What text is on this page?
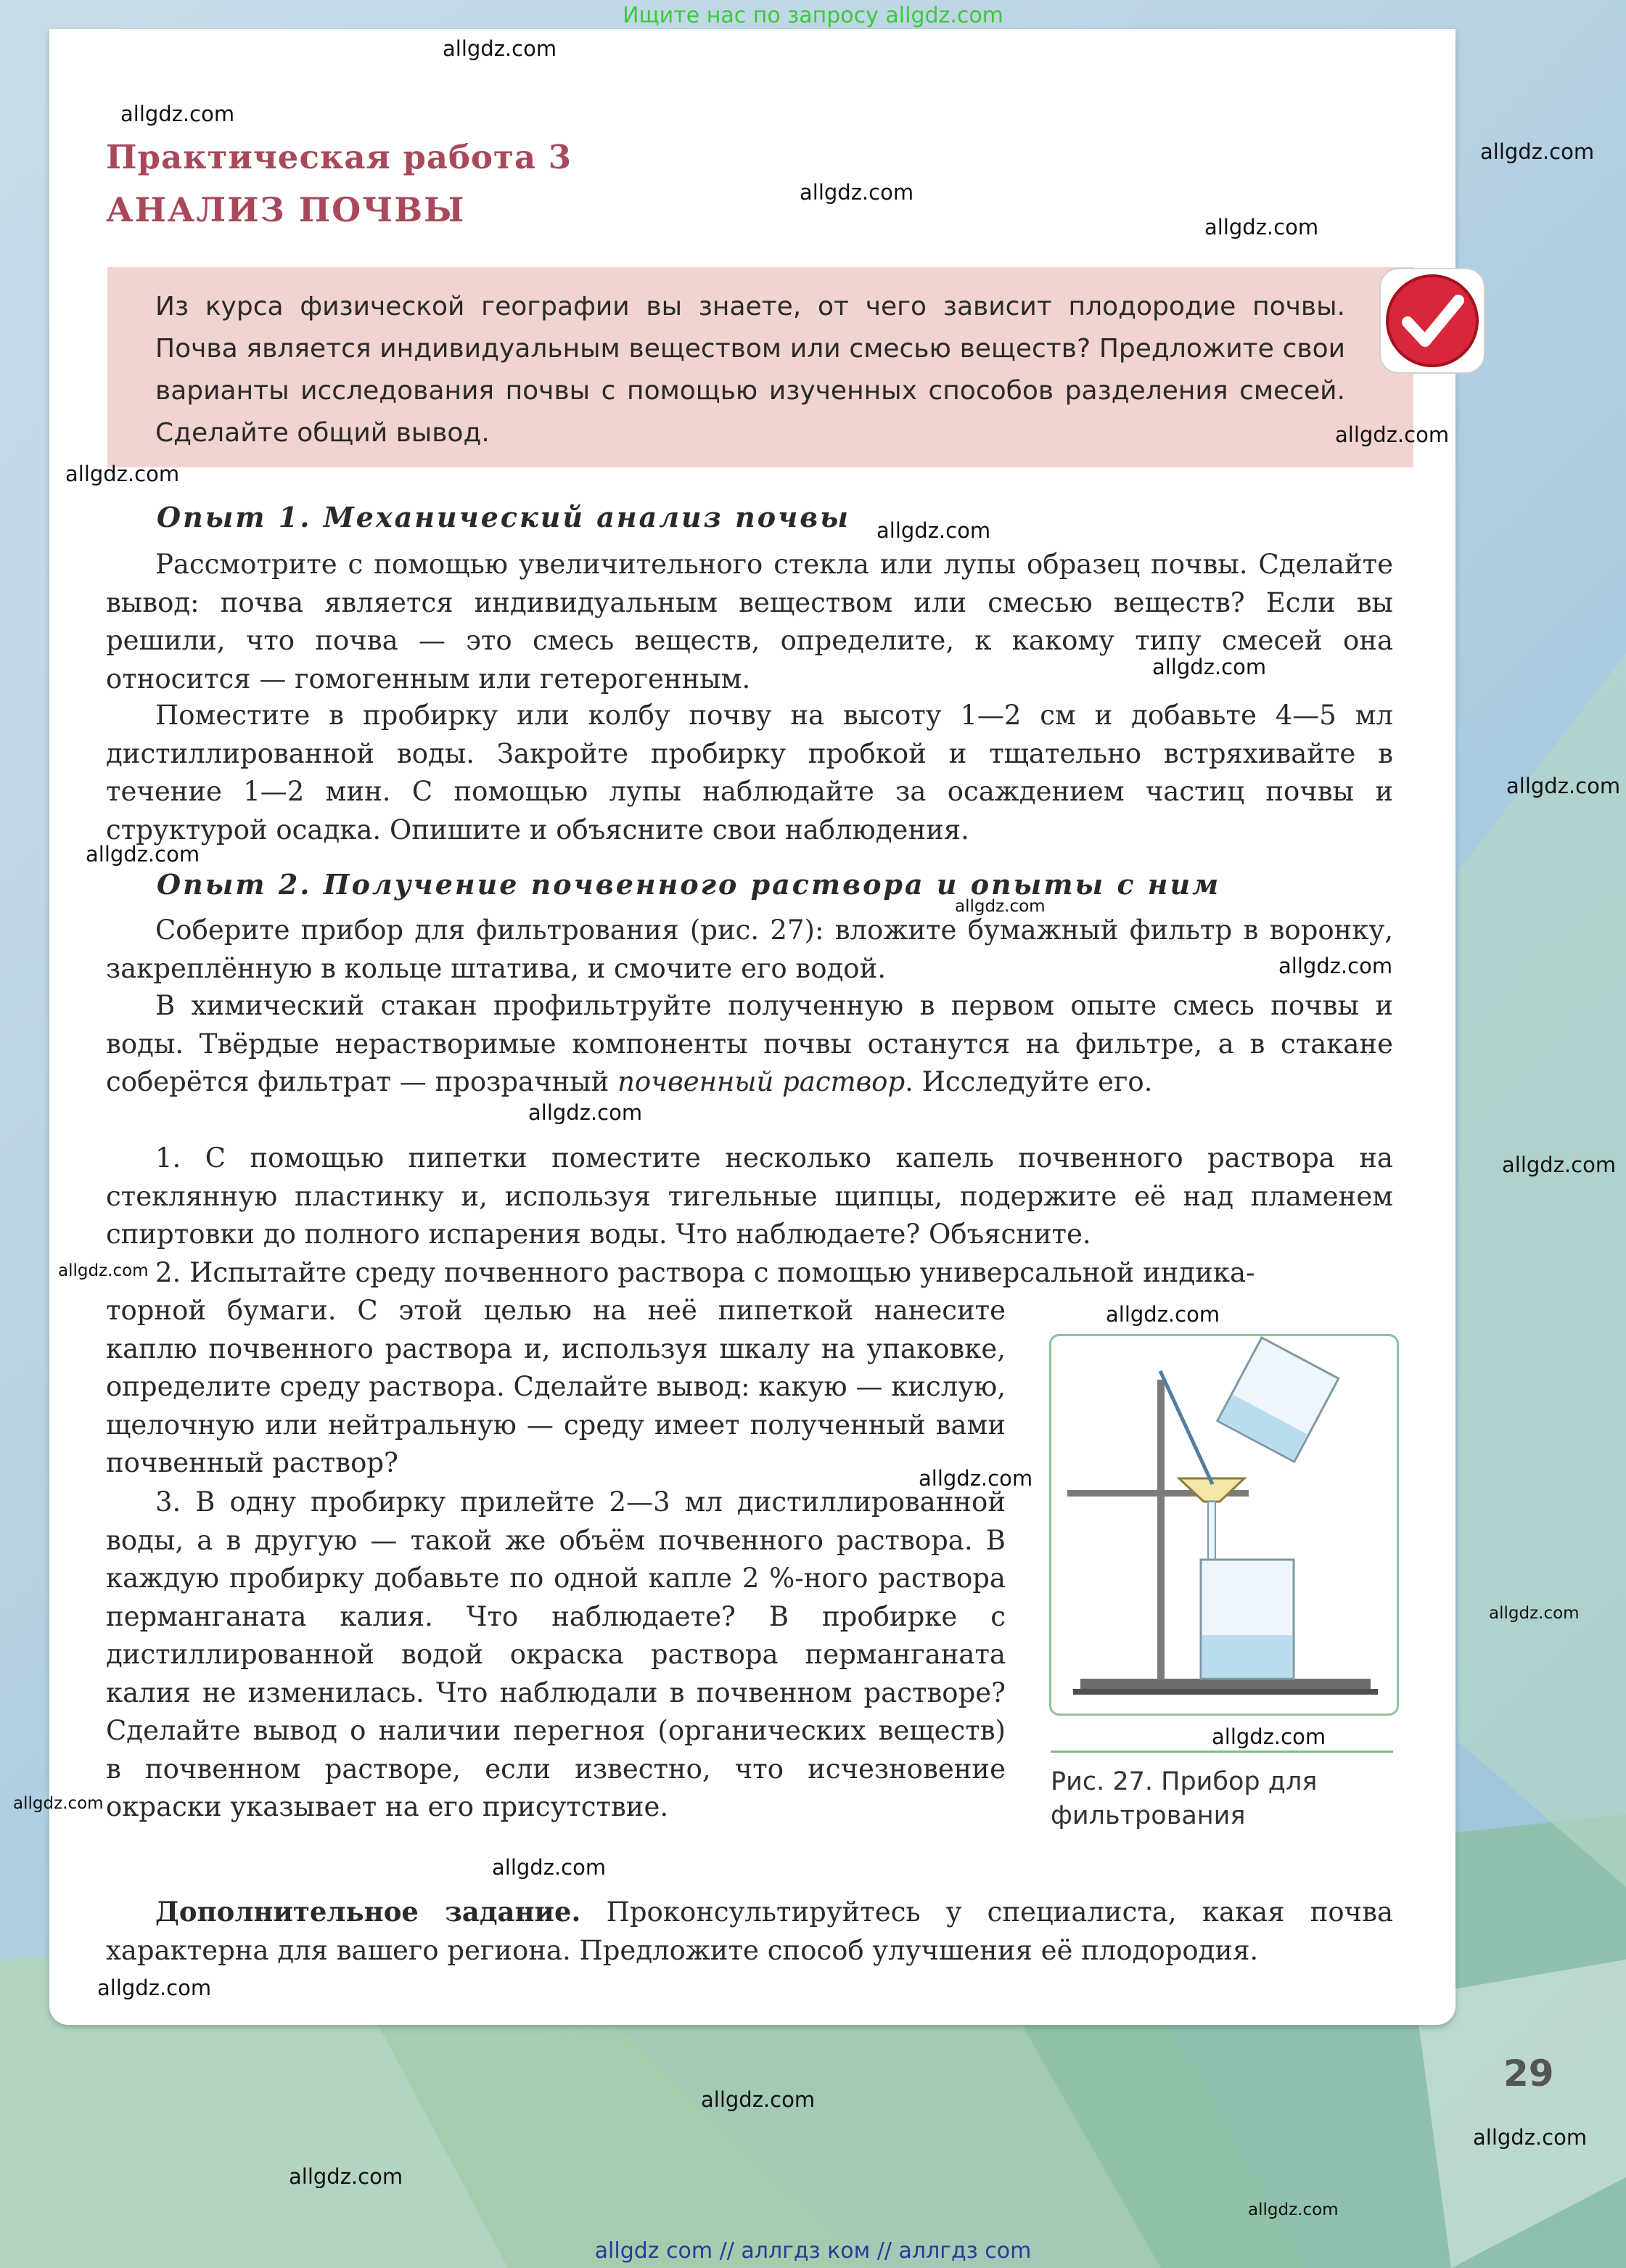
Ищите нас по запросу allgdz.com
Практическая работа 3
АНАЛИЗ ПОЧВЫ
Из курса физической географии вы знаете, от чего зависит плодородие почвы. Почва является индивидуальным веществом или смесью веществ? Предложите свои варианты исследования почвы с помощью изученных способов разделения смесей. Сделайте общий вывод.
Опыт 1. Механический анализ почвы
Рассмотрите с помощью увеличительного стекла или лупы образец почвы. Сделайте вывод: почва является индивидуальным веществом или смесью веществ? Если вы решили, что почва — это смесь веществ, определите, к какому типу смесей она относится — гомогенным или гетерогенным.
Поместите в пробирку или колбу почву на высоту 1—2 см и добавьте 4—5 мл дистиллированной воды. Закройте пробирку пробкой и тщательно встряхивайте в течение 1—2 мин. С помощью лупы наблюдайте за осаждением частиц почвы и структурой осадка. Опишите и объясните свои наблюдения.
Опыт 2. Получение почвенного раствора и опыты с ним
Соберите прибор для фильтрования (рис. 27): вложите бумажный фильтр в воронку, закреплённую в кольце штатива, и смочите его водой.
В химический стакан профильтруйте полученную в первом опыте смесь почвы и воды. Твёрдые нерастворимые компоненты почвы останутся на фильтре, а в стакане соберётся фильтрат — прозрачный почвенный раствор. Исследуйте его.
1. С помощью пипетки поместите несколько капель почвенного раствора на стеклянную пластинку и, используя тигельные щипцы, подержите её над пламенем спиртовки до полного испарения воды. Что наблюдаете? Объясните.
2. Испытайте среду почвенного раствора с помощью универсальной индика-
торной бумаги. С этой целью на неё пипеткой нанесите каплю почвенного раствора и, используя шкалу на упаковке, определите среду раствора. Сделайте вывод: какую — кислую, щелочную или нейтральную — среду имеет полученный вами почвенный раствор?
3. В одну пробирку прилейте 2—3 мл дистиллированной воды, а в другую — такой же объём почвенного раствора. В каждую пробирку добавьте по одной капле 2 %-ного раствора перманганата калия. Что наблюдаете? В пробирке с дистиллированной водой окраска раствора перманганата калия не изменилась. Что наблюдали в почвенном растворе? Сделайте вывод о наличии перегноя (органических веществ) в почвенном растворе, если известно, что исчезновение окраски указывает на его присутствие.
Дополнительное задание. Проконсультируйтесь у специалиста, какая почва характерна для вашего региона. Предложите способ улучшения её плодородия.
Рис. 27. Прибор для фильтрования
29
allgdz.com
allgdz.com
allgdz.com
allgdz.com
allgdz.com
allgdz.com
allgdz.com
allgdz.com
allgdz.com
allgdz.com
allgdz.com
allgdz.com
allgdz.com
allgdz.com
allgdz.com
allgdz.com
allgdz.com
allgdz.com
allgdz.com
allgdz.com
allgdz.com
allgdz.com
allgdz.com
allgdz.com
allgdz.com
allgdz.com
allgdz.com
allgdz com // аллгдз ком // аллгдз com
